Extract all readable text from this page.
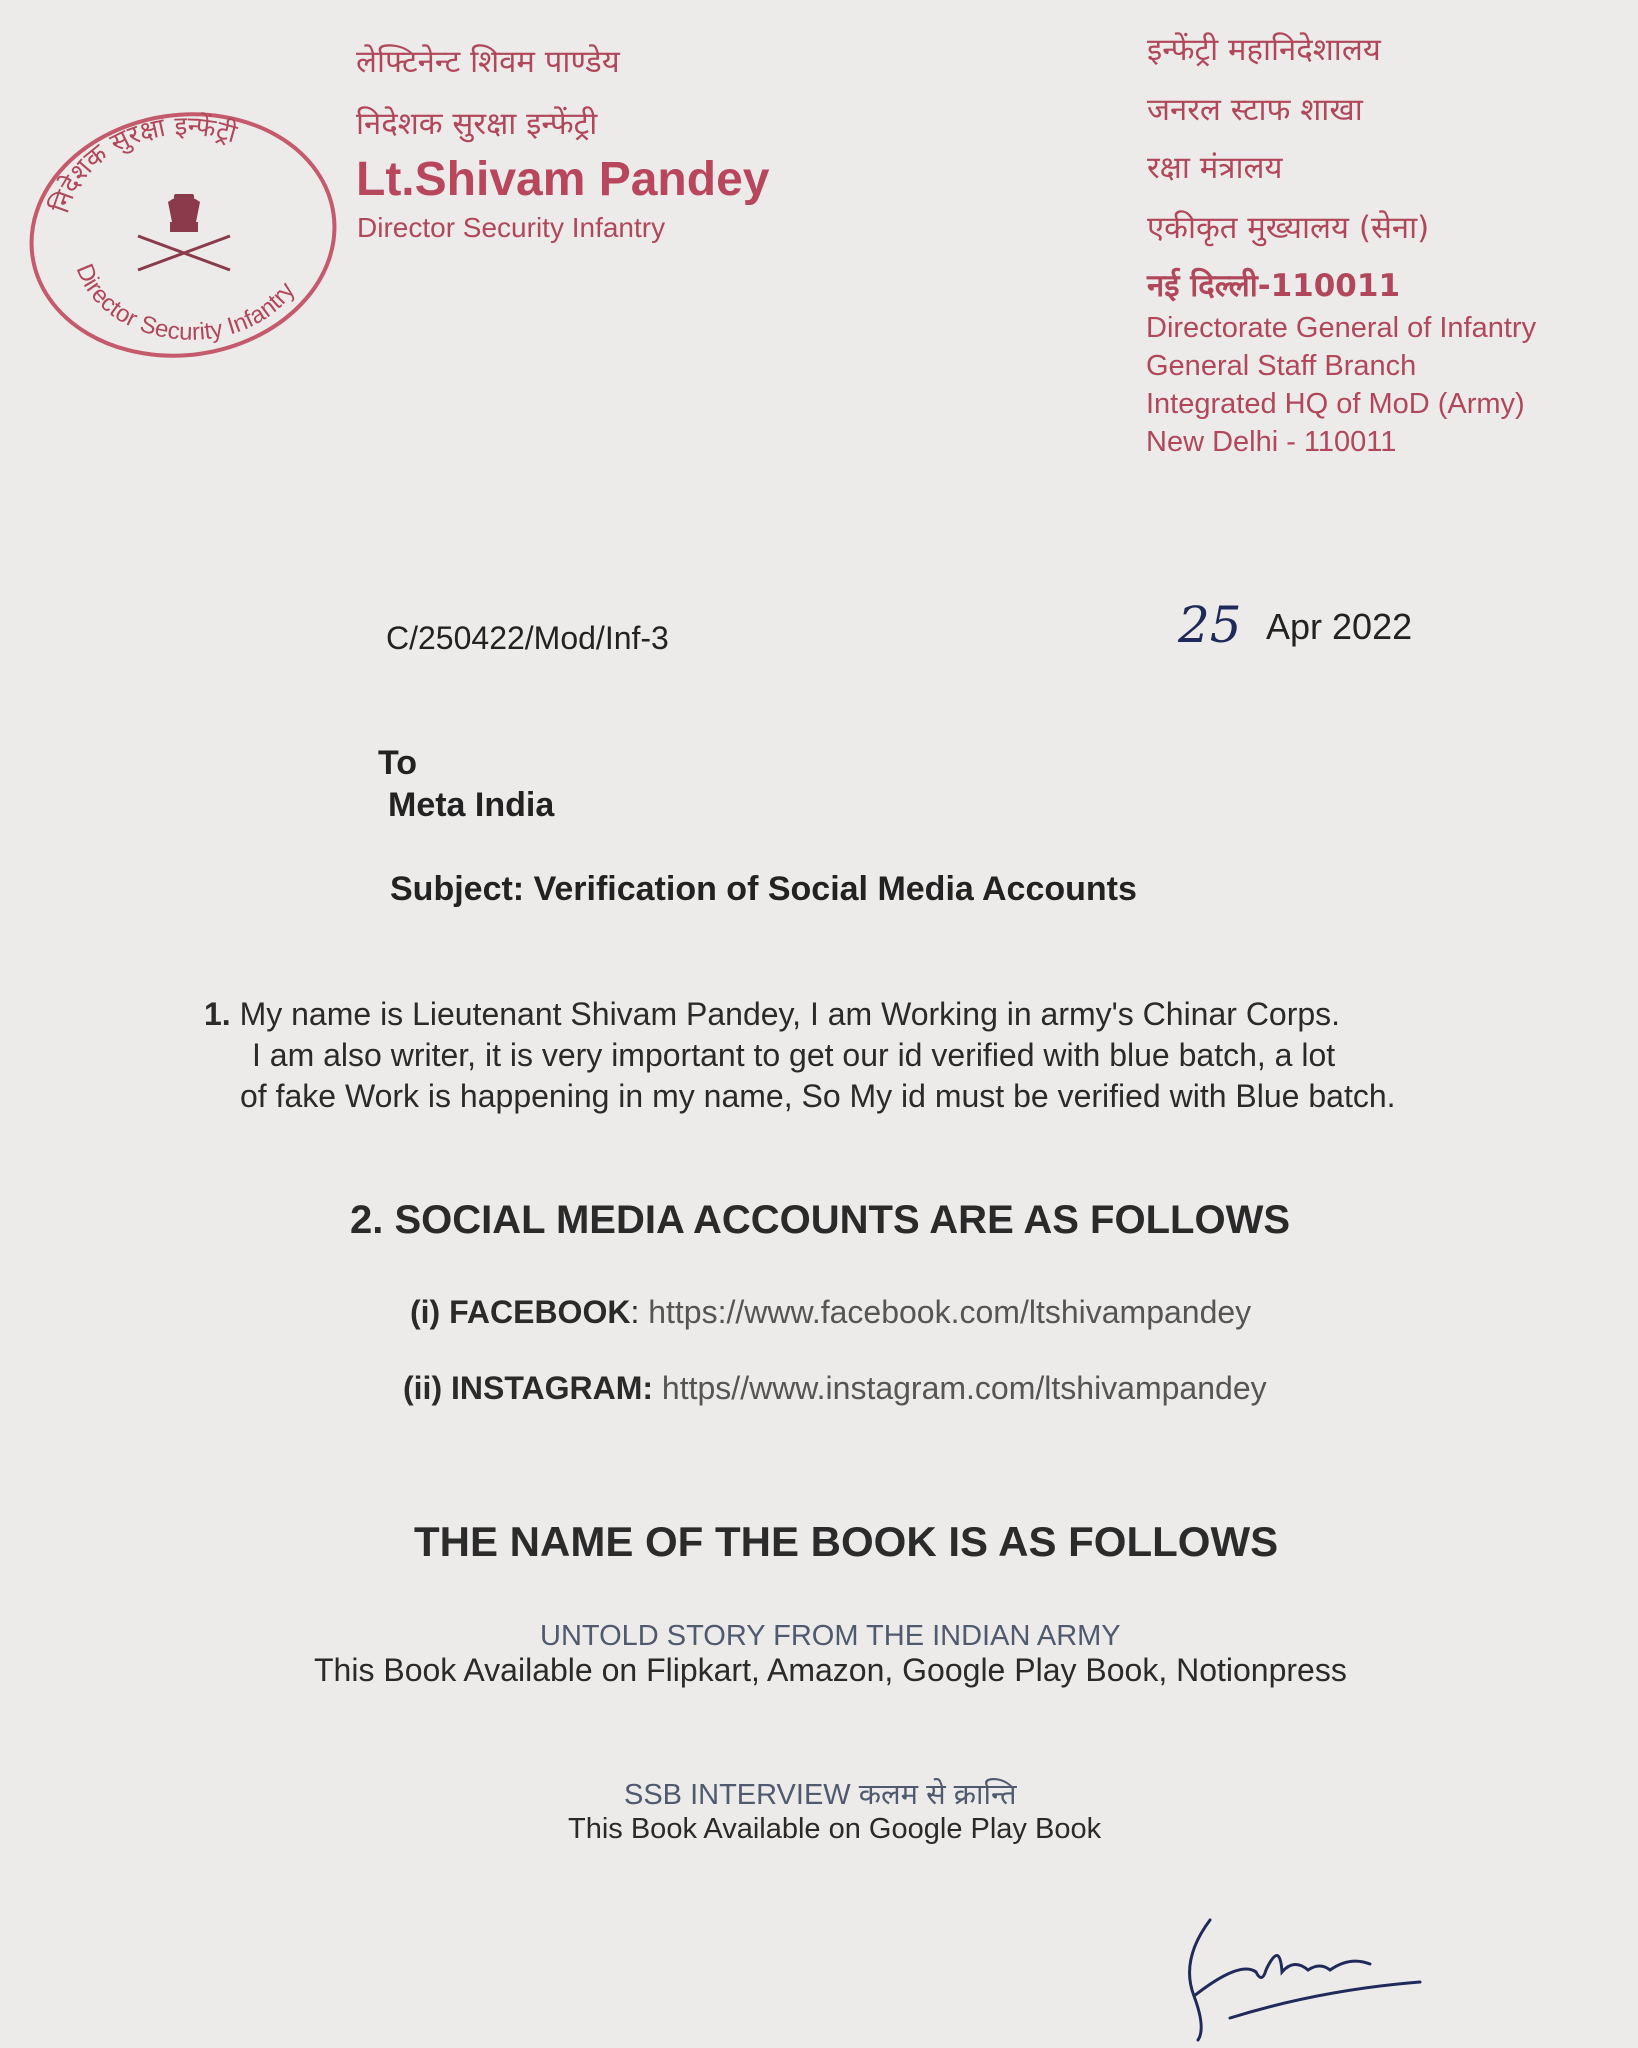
निदेशक सुरक्षा इन्फेंट्री
Director Security Infantry
लेफ्टिनेन्ट शिवम पाण्डेय
निदेशक सुरक्षा इन्फेंट्री
Lt.Shivam Pandey
Director Security Infantry
इन्फेंट्री महानिदेशालय
जनरल स्टाफ शाखा
रक्षा मंत्रालय
एकीकृत मुख्यालय (सेना)
नई दिल्ली-110011
Directorate General of Infantry
General Staff Branch
Integrated HQ of MoD (Army)
New Delhi - 110011
C/250422/Mod/Inf-3	25 Apr 2022
To
Meta India
Subject: Verification of Social Media Accounts
1. My name is Lieutenant Shivam Pandey, I am Working in army's Chinar Corps.
I am also writer, it is very important to get our id verified with blue batch, a lot
of fake Work is happening in my name, So My id must be verified with Blue batch.
2. SOCIAL MEDIA ACCOUNTS ARE AS FOLLOWS
(i) FACEBOOK: https://www.facebook.com/ltshivampandey
(ii) INSTAGRAM: https//www.instagram.com/ltshivampandey
THE NAME OF THE BOOK IS AS FOLLOWS
UNTOLD STORY FROM THE INDIAN ARMY
This Book Available on Flipkart, Amazon, Google Play Book, Notionpress
SSB INTERVIEW कलम से क्रान्ति
This Book Available on Google Play Book
